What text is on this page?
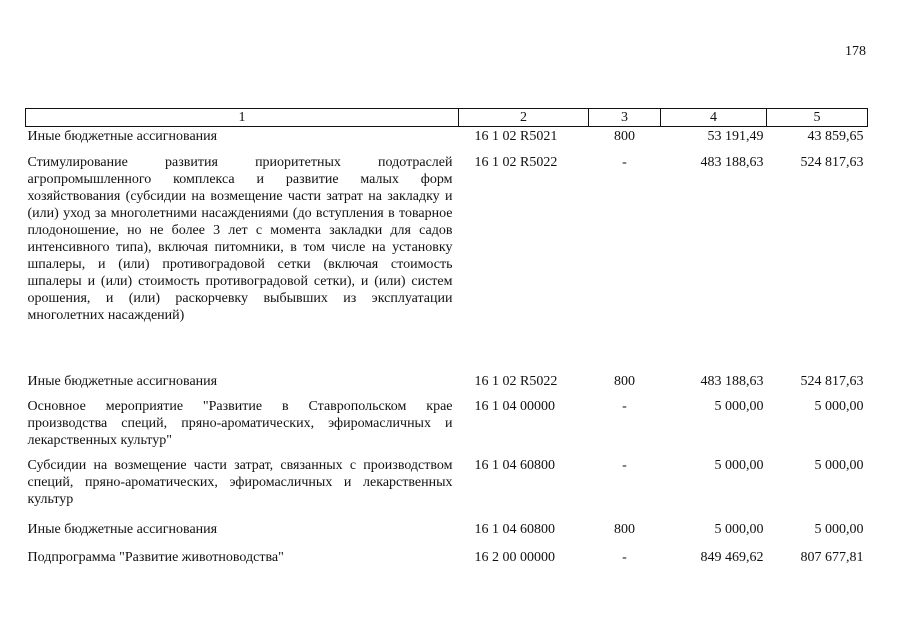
178
1	2	3	4	5
Иные бюджетные ассигнования	16 1 02 R5021	800	53 191,49	43 859,65
Стимулирование развития приоритетных подотраслей агропромышленного комплекса и развитие малых форм хозяйствования (субсидии на возмещение части затрат на закладку и (или) уход за многолетними насаждениями (до вступления в товарное плодоношение, но не более 3 лет с момента закладки для садов интенсивного типа), включая питомники, в том числе на установку шпалеры, и (или) противоградовой сетки (включая стоимость шпалеры и (или) стоимость противоградовой сетки), и (или) систем орошения, и (или) раскорчевку выбывших из эксплуатации многолетних насаждений)	16 1 02 R5022	-	483 188,63	524 817,63
Иные бюджетные ассигнования	16 1 02 R5022	800	483 188,63	524 817,63
Основное мероприятие "Развитие в Ставропольском крае производства специй, пряно-ароматических, эфиромасличных и лекарственных культур"	16 1 04 00000	-	5 000,00	5 000,00
Субсидии на возмещение части затрат, связанных с производством специй, пряно-ароматических, эфиромасличных и лекарственных культур	16 1 04 60800	-	5 000,00	5 000,00
Иные бюджетные ассигнования	16 1 04 60800	800	5 000,00	5 000,00
Подпрограмма "Развитие животноводства"	16 2 00 00000	-	849 469,62	807 677,81
